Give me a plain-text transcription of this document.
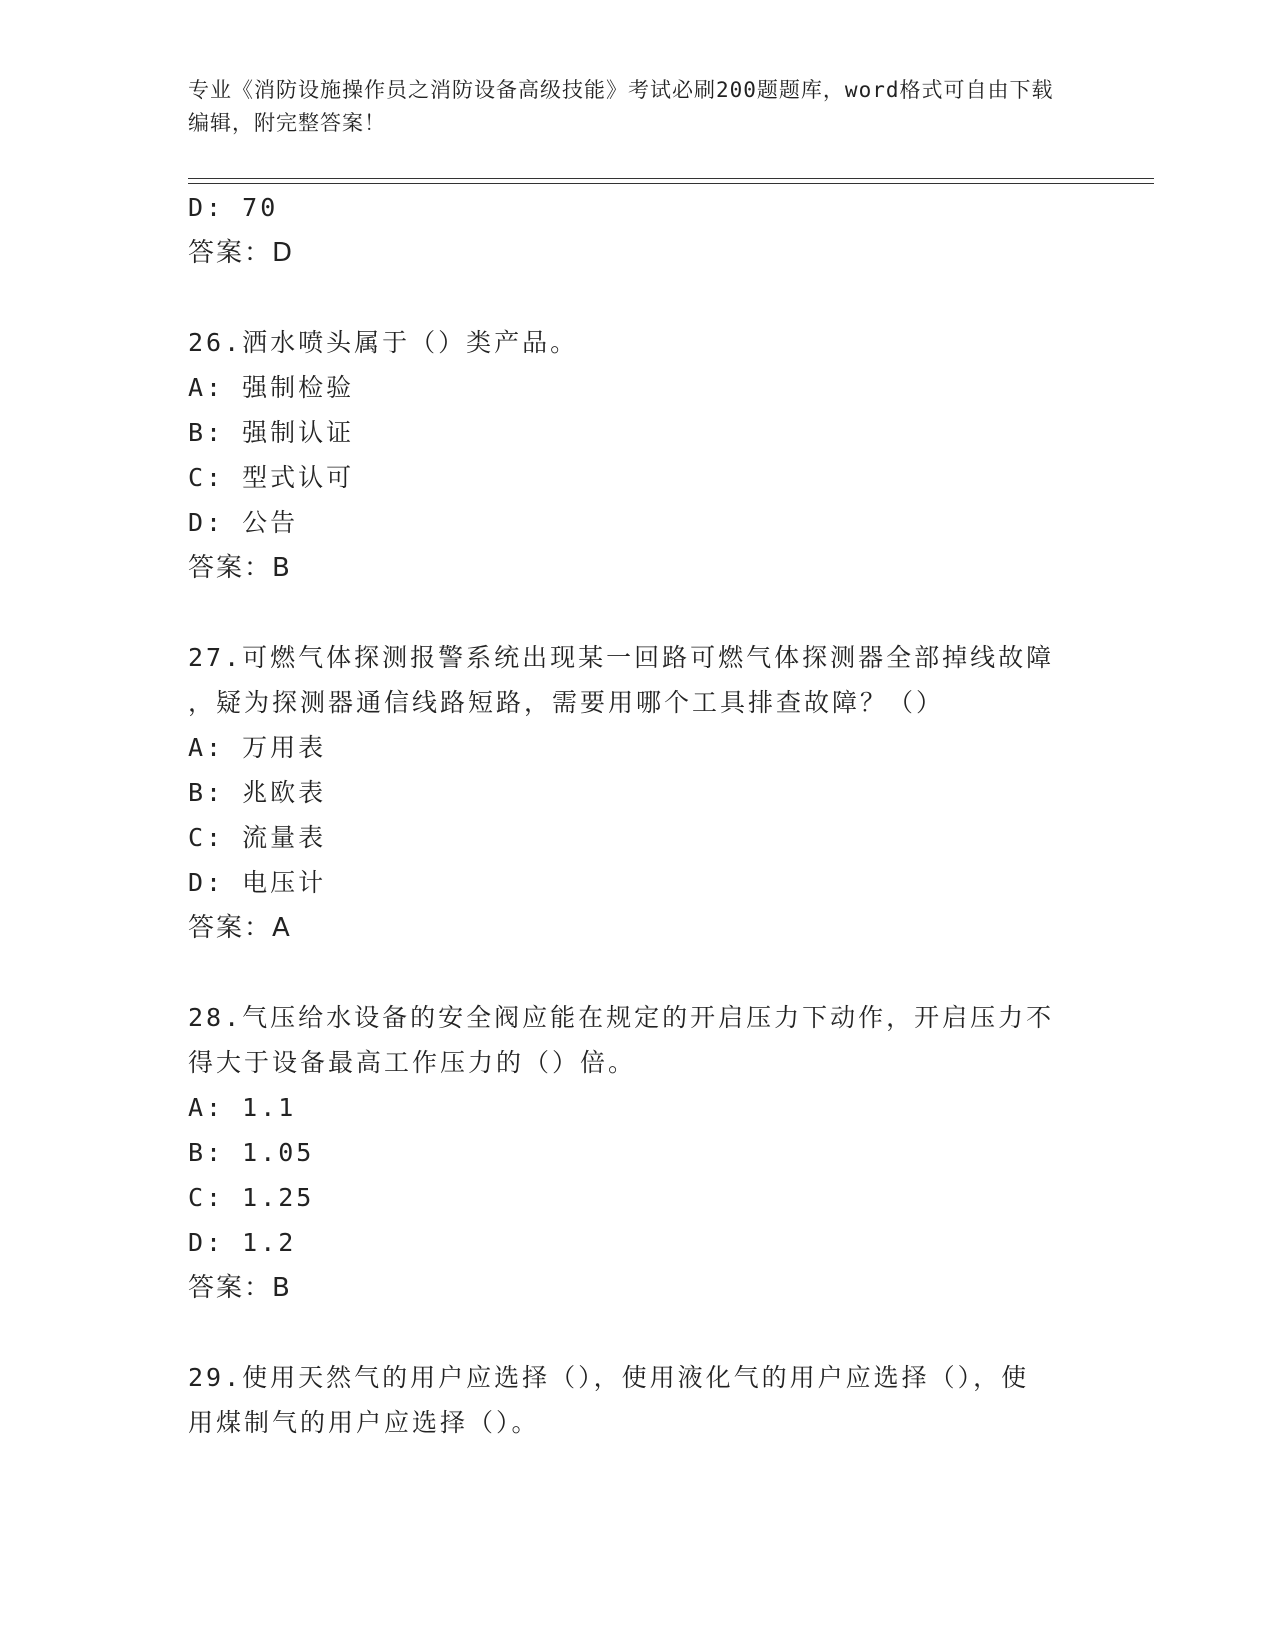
专业《消防设施操作员之消防设备高级技能》考试必刷200题题库，word格式可自由下载编辑，附完整答案！
D: 70
答案：D
26.洒水喷头属于（）类产品。
A: 强制检验
B: 强制认证
C: 型式认可
D: 公告
答案：B
27.可燃气体探测报警系统出现某一回路可燃气体探测器全部掉线故障
，疑为探测器通信线路短路，需要用哪个工具排查故障？（）
A: 万用表
B: 兆欧表
C: 流量表
D: 电压计
答案：A
28.气压给水设备的安全阀应能在规定的开启压力下动作，开启压力不
得大于设备最高工作压力的（）倍。
A: 1.1
B: 1.05
C: 1.25
D: 1.2
答案：B
29.使用天然气的用户应选择（），使用液化气的用户应选择（），使
用煤制气的用户应选择（）。
